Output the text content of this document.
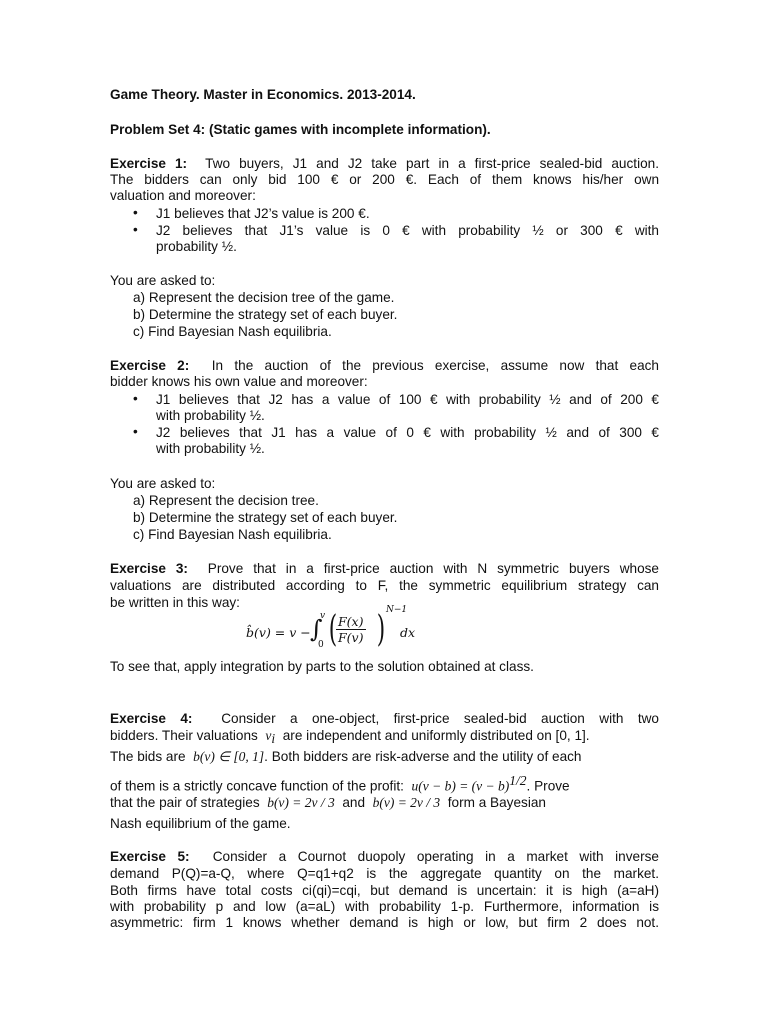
Game Theory. Master in Economics. 2013-2014.
Problem Set 4: (Static games with incomplete information).
Exercise 1: Two buyers, J1 and J2 take part in a first-price sealed-bid auction.
The bidders can only bid 100 € or 200 €. Each of them knows his/her own
valuation and moreover:
• J1 believes that J2’s value is 200 €.
• J2 believes that J1’s value is 0 € with probability ½ or 300 € with
probability ½.
You are asked to:
a) Represent the decision tree of the game.
b) Determine the strategy set of each buyer.
c) Find Bayesian Nash equilibria.
Exercise 2: In the auction of the previous exercise, assume now that each
bidder knows his own value and moreover:
• J1 believes that J2 has a value of 100 € with probability ½ and of 200 €
with probability ½.
• J2 believes that J1 has a value of 0 € with probability ½ and of 300 €
with probability ½.
You are asked to:
a) Represent the decision tree.
b) Determine the strategy set of each buyer.
c) Find Bayesian Nash equilibria.
Exercise 3: Prove that in a first-price auction with N symmetric buyers whose
valuations are distributed according to F, the symmetric equilibrium strategy can
be written in this way:
b̂(v) = v − ∫
v
0 (
$\frac{F(x)}{F(v)}$ ) N−1
dx
To see that, apply integration by parts to the solution obtained at class.
Exercise 4: Consider a one-object, first-price sealed-bid auction with two
bidders. Their valuations $v_i$ are independent and uniformly distributed on [0, 1].
The bids are b(v) ∈ [0, 1]. Both bidders are risk-adverse and the utility of each
of them is a strictly concave function of the profit: $u(v - b) = (v - b)^{1/2}$. Prove
that the pair of strategies b(v) = 2v / 3 and b(v) = 2v / 3 form a Bayesian
Nash equilibrium of the game.
Exercise 5: Consider a Cournot duopoly operating in a market with inverse
demand P(Q)=a-Q, where Q=q1+q2 is the aggregate quantity on the market.
Both firms have total costs ci(qi)=cqi, but demand is uncertain: it is high (a=aH)
with probability p and low (a=aL) with probability 1-p. Furthermore, information is
asymmetric: firm 1 knows whether demand is high or low, but firm 2 does not.
